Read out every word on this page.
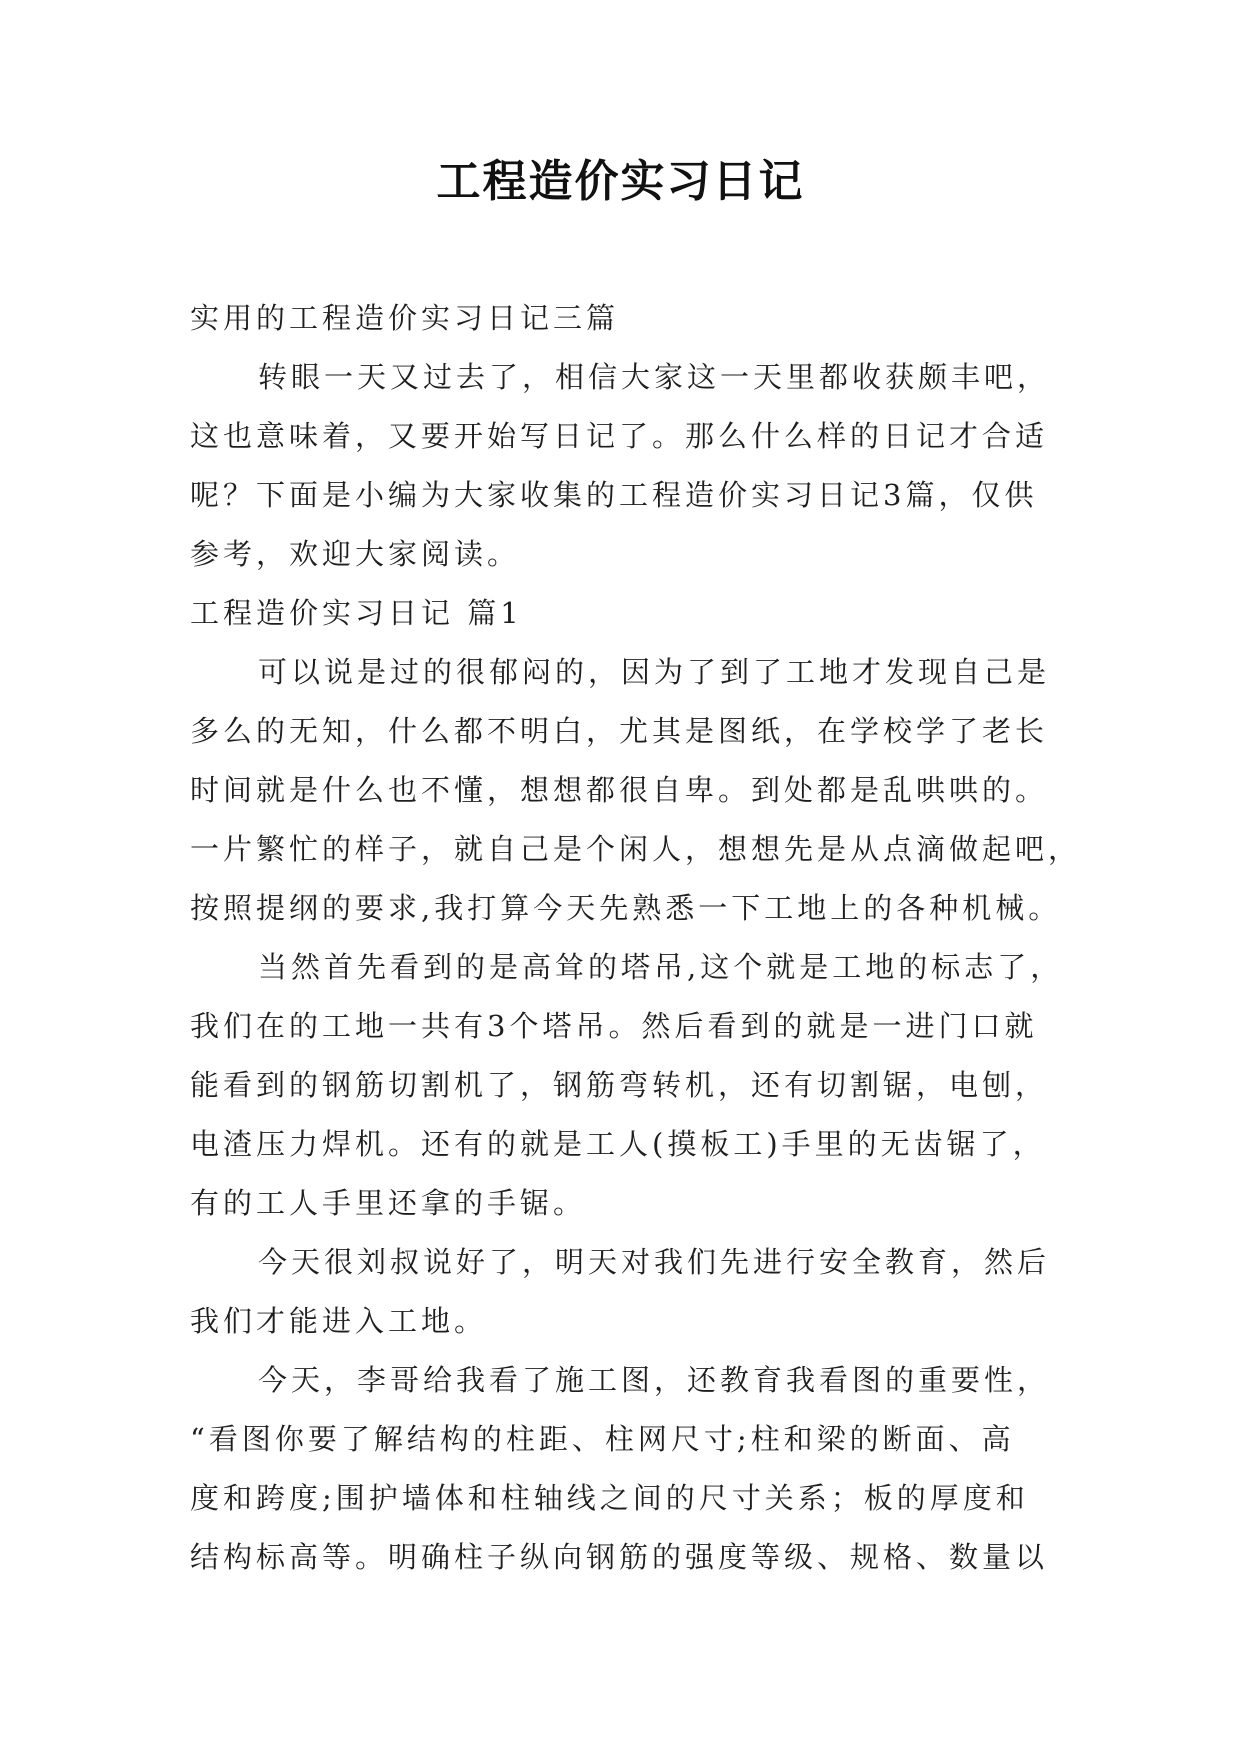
工程造价实习日记
实用的工程造价实习日记三篇
转眼一天又过去了，相信大家这一天里都收获颇丰吧，
这也意味着，又要开始写日记了。那么什么样的日记才合适
呢？下面是小编为大家收集的工程造价实习日记3篇，仅供
参考，欢迎大家阅读。
工程造价实习日记 篇1
可以说是过的很郁闷的，因为了到了工地才发现自己是
多么的无知，什么都不明白，尤其是图纸，在学校学了老长
时间就是什么也不懂，想想都很自卑。到处都是乱哄哄的。
一片繁忙的样子，就自己是个闲人，想想先是从点滴做起吧，
按照提纲的要求,我打算今天先熟悉一下工地上的各种机械。
当然首先看到的是高耸的塔吊,这个就是工地的标志了，
我们在的工地一共有3个塔吊。然后看到的就是一进门口就
能看到的钢筋切割机了，钢筋弯转机，还有切割锯，电刨，
电渣压力焊机。还有的就是工人(摸板工)手里的无齿锯了，
有的工人手里还拿的手锯。
今天很刘叔说好了，明天对我们先进行安全教育，然后
我们才能进入工地。
今天，李哥给我看了施工图，还教育我看图的重要性，
“看图你要了解结构的柱距、柱网尺寸;柱和梁的断面、高
度和跨度;围护墙体和柱轴线之间的尺寸关系；板的厚度和
结构标高等。明确柱子纵向钢筋的强度等级、规格、数量以
